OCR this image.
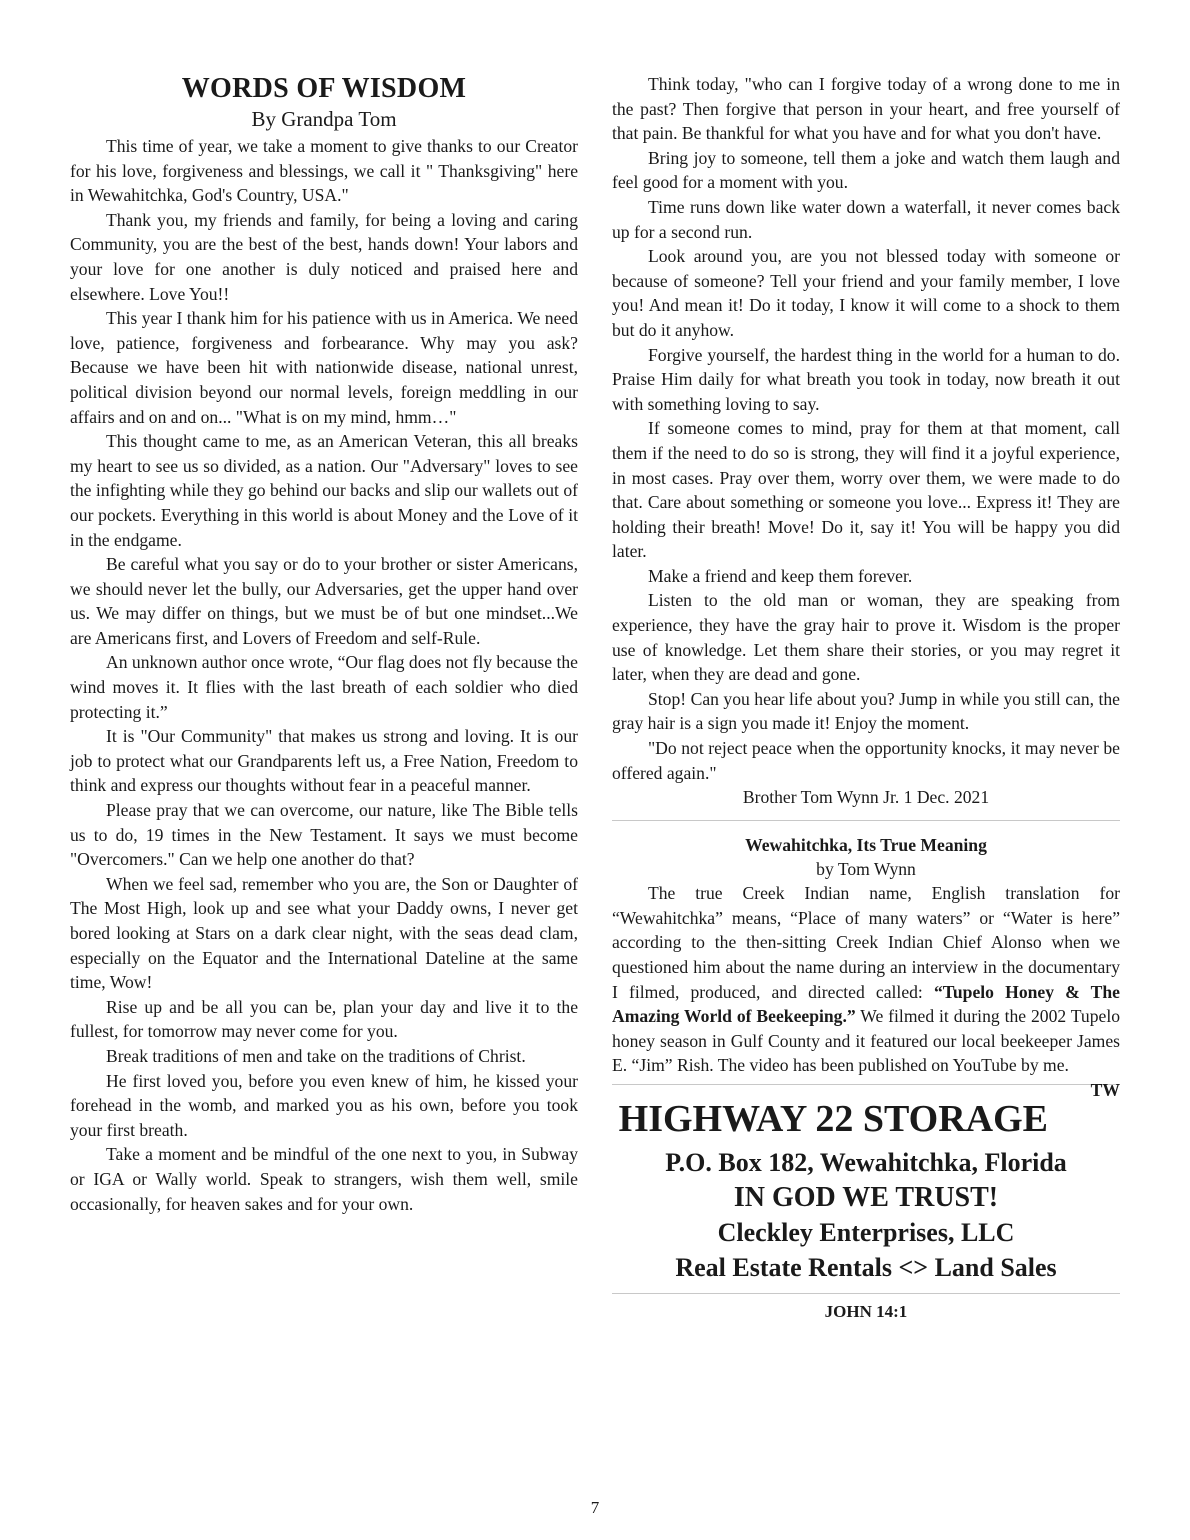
WORDS OF WISDOM
By Grandpa Tom

This time of year, we take a moment to give thanks to our Creator for his love, forgiveness and blessings, we call it " Thanksgiving" here in Wewahitchka, God's Country, USA."

Thank you, my friends and family, for being a loving and caring Community, you are the best of the best, hands down! Your labors and your love for one another is duly noticed and praised here and elsewhere. Love You!!

This year I thank him for his patience with us in America. We need love, patience, forgiveness and forbearance. Why may you ask? Because we have been hit with nationwide disease, national unrest, political division beyond our normal levels, foreign meddling in our affairs and on and on... "What is on my mind, hmm…"

This thought came to me, as an American Veteran, this all breaks my heart to see us so divided, as a nation. Our "Adversary" loves to see the infighting while they go behind our backs and slip our wallets out of our pockets. Everything in this world is about Money and the Love of it in the endgame.

Be careful what you say or do to your brother or sister Americans, we should never let the bully, our Adversaries, get the upper hand over us. We may differ on things, but we must be of but one mindset...We are Americans first, and Lovers of Freedom and self-Rule.

An unknown author once wrote, “Our flag does not fly because the wind moves it. It flies with the last breath of each soldier who died protecting it.”

It is "Our Community" that makes us strong and loving. It is our job to protect what our Grandparents left us, a Free Nation, Freedom to think and express our thoughts without fear in a peaceful manner.

Please pray that we can overcome, our nature, like The Bible tells us to do, 19 times in the New Testament. It says we must become "Overcomers." Can we help one another do that?

When we feel sad, remember who you are, the Son or Daughter of The Most High, look up and see what your Daddy owns, I never get bored looking at Stars on a dark clear night, with the seas dead clam, especially on the Equator and the International Dateline at the same time, Wow!

Rise up and be all you can be, plan your day and live it to the fullest, for tomorrow may never come for you.

Break traditions of men and take on the traditions of Christ.

He first loved you, before you even knew of him, he kissed your forehead in the womb, and marked you as his own, before you took your first breath.

Take a moment and be mindful of the one next to you, in Subway or IGA or Wally world. Speak to strangers, wish them well, smile occasionally, for heaven sakes and for your own.

Think today, "who can I forgive today of a wrong done to me in the past? Then forgive that person in your heart, and free yourself of that pain. Be thankful for what you have and for what you don't have.

Bring joy to someone, tell them a joke and watch them laugh and feel good for a moment with you.

Time runs down like water down a waterfall, it never comes back up for a second run.

Look around you, are you not blessed today with someone or because of someone? Tell your friend and your family member, I love you! And mean it! Do it today, I know it will come to a shock to them but do it anyhow.

Forgive yourself, the hardest thing in the world for a human to do. Praise Him daily for what breath you took in today, now breath it out with something loving to say.

If someone comes to mind, pray for them at that moment, call them if the need to do so is strong, they will find it a joyful experience, in most cases. Pray over them, worry over them, we were made to do that. Care about something or someone you love... Express it! They are holding their breath! Move! Do it, say it! You will be happy you did later.

Make a friend and keep them forever.

Listen to the old man or woman, they are speaking from experience, they have the gray hair to prove it. Wisdom is the proper use of knowledge. Let them share their stories, or you may regret it later, when they are dead and gone.

Stop! Can you hear life about you? Jump in while you still can, the gray hair is a sign you made it! Enjoy the moment.

"Do not reject peace when the opportunity knocks, it may never be offered again."

Brother Tom Wynn Jr. 1 Dec. 2021
Wewahitchka, Its True Meaning
by Tom Wynn

The true Creek Indian name, English translation for “Wewahitchka” means, “Place of many waters” or “Water is here” according to the then-sitting Creek Indian Chief Alonso when we questioned him about the name during an interview in the documentary I filmed, produced, and directed called: “Tupelo Honey & The Amazing World of Beekeeping.” We filmed it during the 2002 Tupelo honey season in Gulf County and it featured our local beekeeper James E. “Jim” Rish. The video has been published on YouTube by me.
TW

HIGHWAY 22 STORAGE
P.O. Box 182, Wewahitchka, Florida
IN GOD WE TRUST!
Cleckley Enterprises, LLC
Real Estate Rentals <> Land Sales
JOHN 14:1
7
